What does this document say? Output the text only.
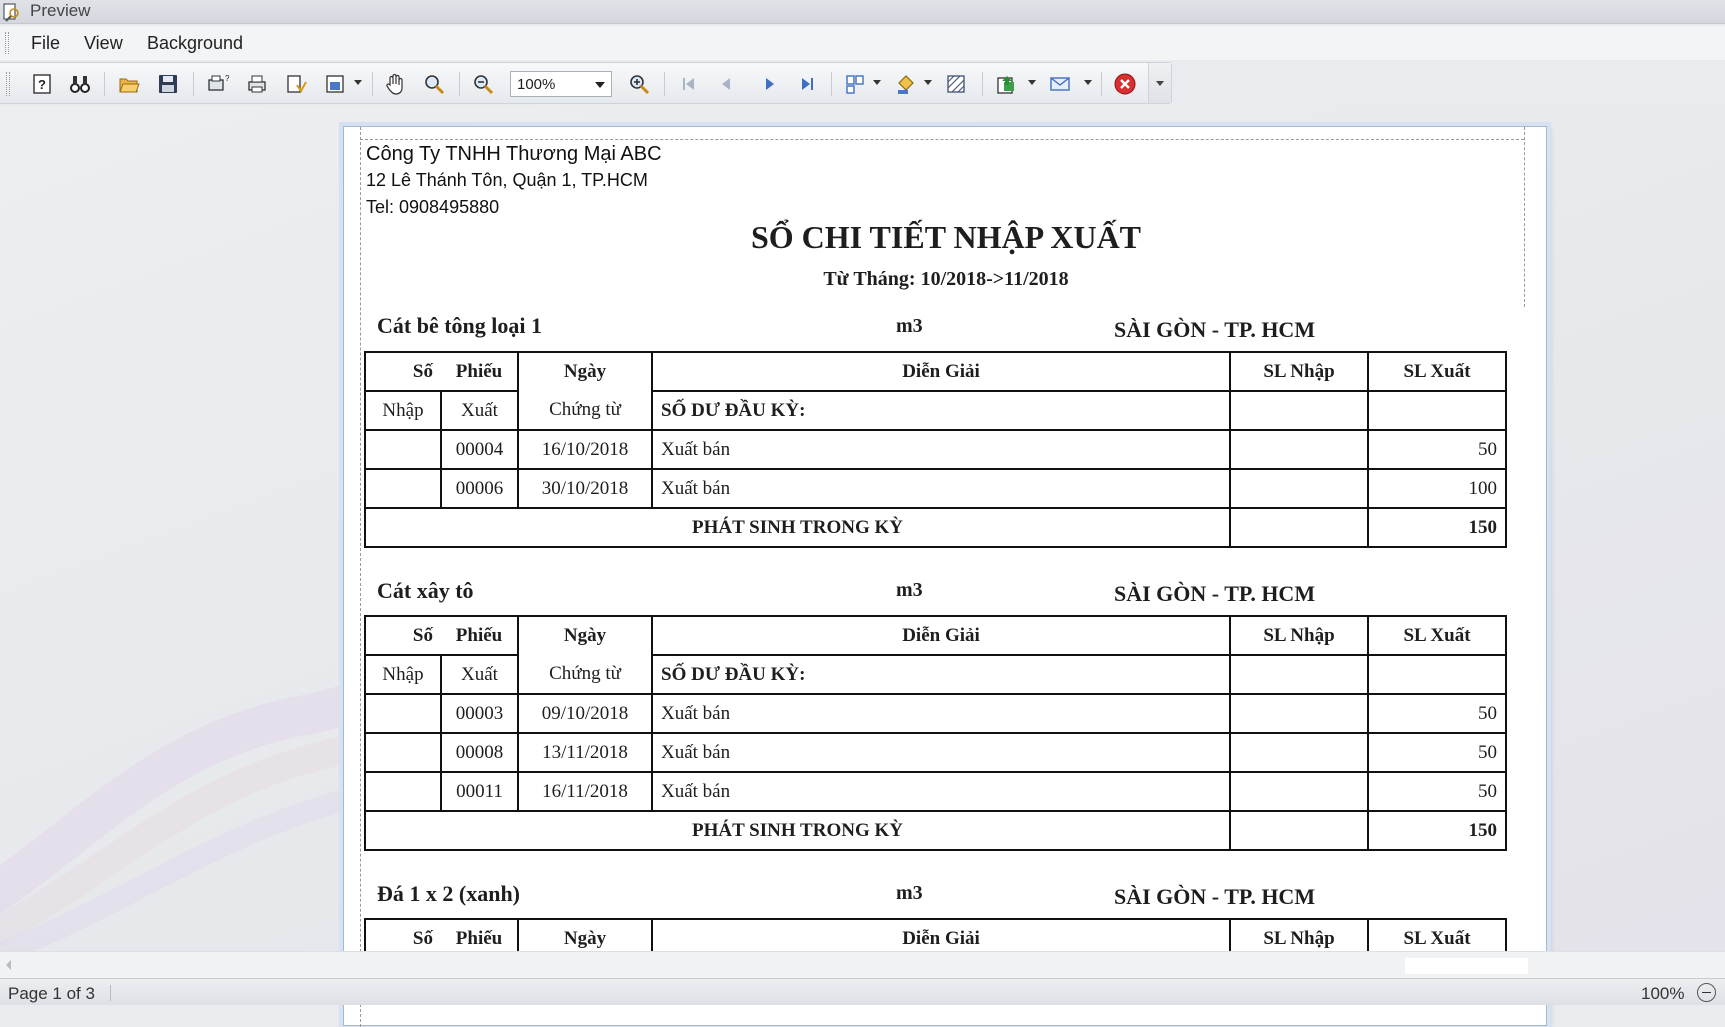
Preview
File View Background
?	?	100%
Công Ty TNHH Thương Mại ABC
12 Lê Thánh Tôn, Quận 1, TP.HCM
Tel: 0908495880
SỔ CHI TIẾT NHẬP XUẤT
Từ Tháng: 10/2018->11/2018
Cát bê tông loại 1	m3	SÀI GÒN - TP. HCM
Số	Phiếu	Ngày	Diễn Giải	SL Nhập	SL Xuất
Nhập	Xuất	Chứng từ	SỐ DƯ ĐẦU KỲ:		
	00004	16/10/2018	Xuất bán		50
	00006	30/10/2018	Xuất bán		100
PHÁT SINH TRONG KỲ					150
Cát xây tô	m3	SÀI GÒN - TP. HCM
Số	Phiếu	Ngày	Diễn Giải	SL Nhập	SL Xuất
Nhập	Xuất	Chứng từ	SỐ DƯ ĐẦU KỲ:		
	00003	09/10/2018	Xuất bán		50
	00008	13/11/2018	Xuất bán		50
	00011	16/11/2018	Xuất bán		50
PHÁT SINH TRONG KỲ					150
Đá 1 x 2 (xanh)	m3	SÀI GÒN - TP. HCM
Số	Phiếu	Ngày	Diễn Giải	SL Nhập	SL Xuất
Page 1 of 3	100%
